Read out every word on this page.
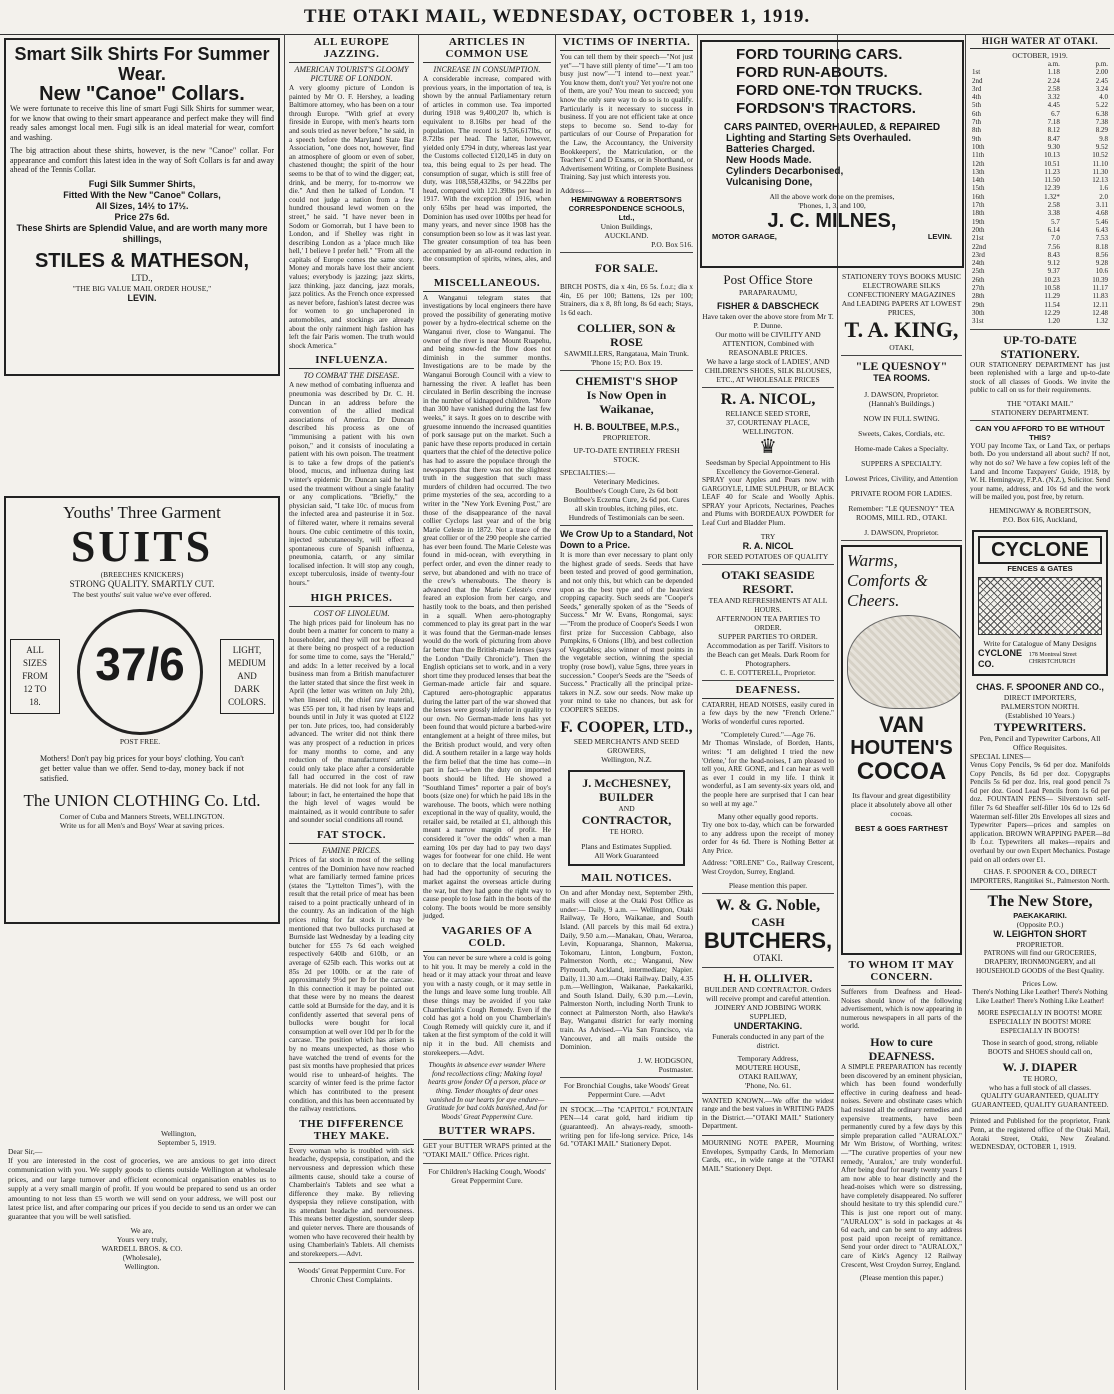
THE OTAKI MAIL, WEDNESDAY, OCTOBER 1, 1919.
Smart Silk Shirts For Summer Wear.
New "Canoe" Collars.

We were fortunate to receive this line of smart Fugi Silk Shirts for summer wear, for we know that owing to their smart appearance and perfect make they will find ready sales amongst local men. Fugi silk is an ideal material for wear, comfort and washing.

The big attraction about these shirts, however, is the new "Canoe" collar. For appearance and comfort this latest idea in the way of Soft Collars is far and away ahead of the Tennis Collar.

Fugi Silk Summer Shirts,
Fitted With the New "Canoe" Collars,
All Sizes, 14½ to 17½.
Price 27s 6d.
These Shirts are Splendid Value, and are worth many more shillings,
STILES & MATHESON,
LTD.,
"THE BIG VALUE MAIL ORDER HOUSE,"
LEVIN.
Youths' Three Garment
SUITS
(BREECHES KNICKERS)
STRONG QUALITY. SMARTLY CUT.
The best youths' suit value we've ever offered.
ALL
SIZES
FROM
12 TO
18.
37/6
POST FREE.
LIGHT,
MEDIUM
AND
DARK
COLORS.

Mothers! Don't pay big prices for your boys' clothing. You can't get better value than we offer. Send to-day, money back if not satisfied.

The UNION CLOTHING Co. Ltd.
Corner of Cuba and Manners Streets, WELLINGTON.
Write us for all Men's and Boys' Wear at saving prices.
Wellington,
September 5, 1919.
Dear Sir,—

If you are interested in the cost of groceries, we are anxious to get into direct communication with you. We supply goods to clients outside Wellington at wholesale prices, and our large turnover and efficient economical organisation enables us to supply at a very small margin of profit. If you would be prepared to send us an order amounting to not less than £5 worth we will send on your address, we will post our latest price list, and after comparing our prices if you decide to send us an order we can guarantee that you will be well satisfied.

We are,
Yours very truly,
WARDELL BROS. & CO.
(Wholesale),
Wellington.
ALL EUROPE JAZZING.
AMERICAN TOURIST'S GLOOMY PICTURE OF LONDON.

A very gloomy picture of London is painted by Mr O. F. Hershey, a leading Baltimore attorney, who has been on a tour through Europe. "With grief at every fireside in Europe, with men's hearts torn and souls tried as never before," he said, in a speech before the Maryland State Bar Association, "one does not, however, find an atmosphere of gloom or even of sober, chastened thought; the spirit of the hour seems to be that of to wind the digger; eat, drink, and be merry, for to-morrow we die." And then he talked of London. "I could not judge a nation from a few hundred thousand lewd women on the street," he said. "I have never been in Sodom or Gomorrah, but I have been to London, and if Shelley was right in describing London as a 'place much like hell,' I believe I prefer hell." "From all the capitals of Europe comes the same story. Money and morals have lost their ancient values; everybody is jazzing; jazz skirts, jazz thinking, jazz dancing, jazz morals, jazz politics. As the French once expressed as never before, fashion's latest decree was for women to go unchaperoned in automobiles, and stockings are already about the only rainment high fashion has left the fair Paris women. The truth would shock America."

INFLUENZA.
TO COMBAT THE DISEASE.

A new method of combating influenza and pneumonia was described by Dr. C. H. Duncan in an address before the convention of the allied medical associations of America. Dr Duncan described his process as one of "immunising a patient with his own poison," and it consists of inoculating a patient with his own poison. The treatment is to take a few drops of the patient's blood, mucus, and influenza during last winter's epidemic Dr. Duncan said he had used the treatment without a single fatality or any complications. "Briefly," the physician said, "I take 10c. of mucus from the infected area and pasteurise it in 5oz. of filtered water, where it remains several hours. One cubic centimetre of this toxin, injected subcutaneously, will effect a spontaneous cure of Spanish influenza, pneumonia, catarrh, or any similar localised infection. It will stop any cough, except tuberculosis, inside of twenty-four hours."

HIGH PRICES.
COST OF LINOLEUM.

The high prices paid for linoleum has no doubt been a matter for concern to many a householder, and they will not be pleased at there being no prospect of a reduction for some time to come, says the "Herald," and adds: In a letter received by a local business man from a British manufacturer the latter stated that since the first week in April (the letter was written on July 2th), when linseed oil, the chief raw material, was £55 per ton, it had risen by leaps and bounds until in July it was quoted at £122 per ton. Jute prices, too, had considerably advanced. The writer did not think there was any prospect of a reduction in prices for many months to come, and any reduction of the manufacturers' article could only take place after a considerable fall had occurred in the cost of raw materials. He did not look for any fall in labour; in fact, he entertained the hope that the high level of wages would be maintained, as it would contribute to safer and sounder social conditions all round.

FAT STOCK.
FAMINE PRICES.

Prices of fat stock in most of the selling centres of the Dominion have now reached what are familiarly termed famine prices (states the "Lyttelton Times"), with the result that the retail price of meat has been raised to a point practically unheard of in the country. As an indication of the high prices ruling for fat stock it may be mentioned that two bullocks purchased at Burnside last Wednesday by a leading city butcher for £55 7s 6d each weighed respectively 640lb and 610lb, or an average of 625lb each. This works out at 85s 2d per 100lb. or at the rate of approximately 9½d per lb for the carcase. In this connection it may be pointed out that these were by no means the dearest cattle sold at Burnside for the day, and it is confidently asserted that several pens of bullocks were bought for local consumption at well over 10d per lb for the carcase. The position which has arisen is by no means unexpected, as those who have watched the trend of events for the past six months have prophesied that prices would rise to unheard-of heights. The scarcity of winter feed is the prime factor which has contributed to the present condition, and this has been accentuated by the railway restrictions.

THE DIFFERENCE THEY MAKE.

Every woman who is troubled with sick headache, dyspepsia, constipation, and the nervousness and depression which these ailments cause, should take a course of Chamberlain's Tablets and see what a difference they make. By relieving dyspepsia they relieve constipation, with its attendant headache and nervousness. This means better digestion, sounder sleep and quieter nerves. There are thousands of women who have recovered their health by using Chamberlain's Tablets. All chemists and storekeepers.—Advt.

Woods' Great Peppermint Cure. For Chronic Chest Complaints.
ARTICLES IN COMMON USE
INCREASE IN CONSUMPTION.

A considerable increase, compared with previous years, in the importation of tea, is shown by the annual Parliamentary return of articles in common use. Tea imported during 1918 was 9,400,207 lb, which is equivalent to 8.16lbs per head of the population. The record is 9,536,617lbs, or 8.72lbs per head. The latter, however, yielded only £794 in duty, whereas last year the Customs collected £120,145 in duty on tea, this being equal to 2s per head. The consumption of sugar, which is still free of duty, was 108,558,432lbs, or 94.22lbs per head, compared with 121.39lbs per head in 1917. With the exception of 1916, when only 65lbs per head was imported, the Dominion has used over 100lbs per head for many years, and never since 1908 has the consumption been so low as it was last year. The greater consumption of tea has been accompanied by an all-round reduction in the consumption of spirits, wines, ales, and beers.

MISCELLANEOUS.

A Wanganui telegram states that investigations by local engineers there have proved the possibility of generating motive power by a hydro-electrical scheme on the Wanganui river, close to Wanganui. The owner of the river is near Mount Ruapehu, and being snow-fed the flow does not diminish in the summer months. Investigations are to be made by the Wanganui Borough Council with a view to harnessing the river. A leaflet has been circulated in Berlin describing the increase in the number of kidnapped children. "More than 300 have vanished during the last few weeks," it says. It goes on to describe with gruesome innuendo the increased quantities of pork sausage put on the market. Such a panic have these reports produced in certain quarters that the chief of the detective police has had to assure the populace through the newspapers that there was not the slightest truth in the suggestion that such mass murders of children had occurred. The two prime mysteries of the sea, according to a writer in the "New York Evening Post," are those of the disappearance of the naval collier Cyclops last year and of the brig Marie Celeste in 1872. Not a trace of the great collier or of the 290 people she carried has ever been found. The Marie Celeste was found in mid-ocean, with everything in perfect order, and even the dinner ready to serve, but abandoned and with no trace of the crew's whereabouts. The theory is advanced that the Marie Celeste's crew feared an explosion from her cargo, and hastily took to the boats, and then perished in a squall. When aero-photography commenced to play its great part in the war it was found that the German-made lenses would do the work of picturing from above far better than the British-made lenses (says the London "Daily Chronicle"). Then the English opticians set to work, and in a very short time they produced lenses that beat the German-made article fair and square. Captured aero-photographic apparatus during the latter part of the war showed that the lenses were grossly inferior in quality to our own. No German-made lens has yet been found that would picture a barbed-wire entanglement at a height of three miles, but the British product would, and very often did. A southern retailer in a large way holds the firm belief that the time has come—in part in fact—when the duty on imported boots should be lifted. He showed a "Southland Times" reporter a pair of boy's boots (size one) for which he paid 18s in the warehouse. The boots, which were nothing exceptional in the way of quality, would, the retailer said, be retailed at £1, although this meant a narrow margin of profit. He considered it "over the odds" when a man earning 10s per day had to pay two days' wages for footwear for one child. He went on to declare that the local manufacturers had had the opportunity of securing the market against the overseas article during the war, but they had gone the right way to cause people to lose faith in the boots of the colony. The boots would be more sensibly judged.

VAGARIES OF A COLD.

You can never be sure where a cold is going to hit you. It may be merely a cold in the head or it may attack your throat and leave you with a nasty cough, or it may settle in the lungs and leave some lung trouble. All these things may be avoided if you take Chamberlain's Cough Remedy. Even if the cold has got a hold on you Chamberlain's Cough Remedy will quickly cure it, and if taken at the first symptom of the cold it will nip it in the bud. All chemists and storekeepers.—Advt.

Thoughts in absence ever wander Where fond recollections cling; Making loyal hearts grow fonder Of a person, place or thing. Tender thoughts of dear ones vanished In our hearts for aye endure— Gratitude for bad colds banished, And for Woods' Great Peppermint Cure.

BUTTER WRAPS.

GET your BUTTER WRAPS printed at the "OTAKI MAIL" Office. Prices right.

For Children's Hacking Cough, Woods' Great Peppermint Cure.
VICTIMS OF INERTIA.

You can tell them by their speech—"Not just yet"—"I have still plenty of time"—"I am too busy just now"—"I intend to—next year." You know them, don't you? Yet you're not one of them, are you? You mean to succeed; you know the only sure way to do so is to qualify. Particularly is it necessary to success in business. If you are not efficient take at once steps to become so. Send to-day for particulars of our Course of Preparation for the Law, the Accountancy, the University Bookkeepers', the Matriculation, or the Teachers' C and D Exams, or in Shorthand, or Advertisement Writing, or Complete Business Training. Say just which interests you.

Address—
HEMINGWAY & ROBERTSON'S CORRESPONDENCE SCHOOLS, Ltd.,
Union Buildings,
AUCKLAND.
P.O. Box 516.
FOR SALE.

BIRCH POSTS, dia x 4in, £6 5s. f.o.r.; dia x 4in, £6 per 100; Battens, 12s per 100; Strainers, dia x 8, 8ft long, 8s 6d each; Stays, 1s 6d each.

COLLIER, SON & ROSE
SAWMILLERS, Rangataua, Main Trunk.
'Phone 15; P.O. Box 19.
CHEMIST'S SHOP
Is Now Open in Waikanae,
H. B. BOULTBEE, M.P.S.,
PROPRIETOR.
UP-TO-DATE ENTIRELY FRESH STOCK.
SPECIALTIES:—
Veterinary Medicines.
Boultbee's Cough Cure, 2s 6d bott
Boultbee's Eczema Cure, 2s 6d pot. Cures all skin troubles, itching piles, etc.
Hundreds of Testimonials can be seen.
We Crow Up to a Standard, Not Down to a Price.

It is more than ever necessary to plant only the highest grade of seeds. Seeds that have been tested and proved of good germination, and not only this, but which can be depended upon as the best type and of the heaviest cropping capacity. Such seeds are "Cooper's Seeds," generally spoken of as the "Seeds of Success." Mr W. Evans, Rongomai, says:—"From the produce of Cooper's Seeds I won first prize for Succession Cabbage, also Pumpkins, 6 Onions (1lb), and best collection of Vegetables; also winner of most points in the vegetable section, winning the special trophy (rose bowl), value 5gns, three years in succession." Cooper's Seeds are the "Seeds of Success." Practically all the principal prize-takers in N.Z. sow our seeds. Now make up your mind to take no chances, but ask for COOPER'S SEEDS.

F. COOPER, LTD.,
SEED MERCHANTS AND SEED GROWERS,
Wellington, N.Z.
J. McCHESNEY,
BUILDER
AND
CONTRACTOR,
TE HORO.
Plans and Estimates Supplied.
All Work Guaranteed
MAIL NOTICES.

On and after Monday next, September 29th, mails will close at the Otaki Post Office as under:— Daily, 9 a.m. — Wellington, Otaki Railway, Te Horo, Waikanae, and South Island. (All parcels by this mail 6d extra.) Daily, 9.50 a.m.—Manakau, Ohau, Weraroa, Levin, Kopuaranga, Shannon, Makerua, Tokomaru, Linton, Longburn, Foxton, Palmerston North, etc.; Wanganui, New Plymouth, Auckland, intermediate; Napier. Daily, 11.30 a.m.—Otaki Railway. Daily, 4.35 p.m.—Wellington, Waikanae, Paekakariki, and South Island. Daily, 6.30 p.m.—Levin, Palmerston North, including North Trunk to connect at Palmerston North, also Hawke's Bay, Wanganui district for early morning train. As Advised.—Via San Francisco, via Vancouver, and all mails outside the Dominion.

J. W. HODGSON,
Postmaster.
For Bronchial Coughs, take Woods' Great Peppermint Cure. —Advt

IN STOCK.—The "CAPITOL" FOUNTAIN PEN—14 carat gold, hard iridium tip (guaranteed). An always-ready, smooth-writing pen for life-long service. Price, 14s 6d. "OTAKI MAIL" Stationery Depot.

FORD TOURING CARS.
FORD RUN-ABOUTS.
FORD ONE-TON TRUCKS.
FORDSON'S TRACTORS.
CARS PAINTED, OVERHAULED, & REPAIRED
Lighting and Starting Sets Overhauled.
Batteries Charged.
New Hoods Made.
Cylinders Decarbonised,
Vulcanising Done,
All the above work done on the premises,
'Phones, 1, 3, and 100,
J. C. MILNES,
MOTOR GARAGE,	LEVIN.
Post Office Store
PARAPARAUMU,
FISHER & DABSCHECK
Have taken over the above store from Mr T. P. Dunne.
Our motto will be CIVILITY AND ATTENTION, Combined with REASONABLE PRICES.
We have a large stock of LADIES', AND CHILDREN'S SHOES, SILK BLOUSES, ETC., AT WHOLESALE PRICES
R. A. NICOL,
RELIANCE SEED STORE,
37, COURTENAY PLACE,
WELLINGTON.
♛
Seedsman by Special Appointment to His Excellency the Governor-General.

SPRAY your Apples and Pears now with GARGOYLE, LIME SULPHUR, or BLACK LEAF 40 for Scale and Woolly Aphis. SPRAY your Apricots, Nectarines, Peaches and Plums with BORDEAUX POWDER for Leaf Curl and Bladder Plum.

TRY
R. A. NICOL
FOR SEED POTATOES OF QUALITY
OTAKI SEASIDE RESORT.
TEA AND REFRESHMENTS AT ALL HOURS.
AFTERNOON TEA PARTIES TO ORDER.
SUPPER PARTIES TO ORDER.
Accommodation as per Tariff. Visitors to the Beach can get Meals. Dark Room for Photographers.
C. E. COTTERELL, Proprietor.
DEAFNESS.

CATARRH, HEAD NOISES, easily cured in a few days by the new "French Orlene." Works of wonderful cures reported.

"Completely Cured."—Age 76.

Mr Thomas Winslade, of Borden, Hants, writes: "I am delighted I tried the new 'Orlene,' for the head-noises, I am pleased to tell you, ARE GONE, and I can hear as well as ever I could in my life. I think it wonderful, as I am seventy-six years old, and the people here are surprised that I can hear so well at my age."

Many other equally good reports.

Try one box to-day, which can be forwarded to any address upon the receipt of money order for 4s 6d. There is Nothing Better at Any Price.

Address: "ORLENE" Co., Railway Crescent, West Croydon, Surrey, England.

Please mention this paper.
W. & G. Noble,
CASH
BUTCHERS,
OTAKI.
H. H. OLLIVER.
BUILDER AND CONTRACTOR. Orders will receive prompt and careful attention.
JOINERY AND JOBBING WORK SUPPLIED,
UNDERTAKING.
Funerals conducted in any part of the district.
Temporary Address,
MOUTERE HOUSE,
OTAKI RAILWAY,
'Phone, No. 61.

WANTED KNOWN.—We offer the widest range and the best values in WRITING PADS in the District.—"OTAKI MAIL" Stationery Department.

MOURNING NOTE PAPER, Mourning Envelopes, Sympathy Cards, In Memoriam Cards, etc., in wide range at the "OTAKI MAIL" Stationery Dept.

STATIONERY TOYS BOOKS MUSIC ELECTROWARE SILKS CONFECTIONERY MAGAZINES And LEADING PAPERS AT LOWEST PRICES,
T. A. KING,
OTAKI,
"LE QUESNOY"
TEA ROOMS.
J. DAWSON, Proprietor.
(Hannah's Buildings.)
NOW IN FULL SWING.
Sweets, Cakes, Cordials, etc.
Home-made Cakes a Specialty.
SUPPERS A SPECIALTY.
Lowest Prices, Civility, and Attention
PRIVATE ROOM FOR LADIES.
Remember: "LE QUESNOY" TEA ROOMS, MILL RD., OTAKI.
J. DAWSON, Proprietor.
Warms,
Comforts &
Cheers.
VAN
HOUTEN'S
COCOA
Its flavour and great digestibility place it absolutely above all other cocoas.
BEST & GOES FARTHEST
TO WHOM IT MAY CONCERN.

Sufferers from Deafness and Head-Noises should know of the following advertisement, which is now appearing in numerous newspapers in all parts of the world.

How to cure DEAFNESS.

A SIMPLE PREPARATION has recently been discovered by an eminent physician, which has been found wonderfully effective in curing deafness and head-noises. Severe and obstinate cases which had resisted all the ordinary remedies and expensive treatments, have been permanently cured by a few days by this simple preparation called "AURALOX." Mr Wm Bristow, of Worthing, writes:—"The curative properties of your new remedy, 'Auralox,' are truly wonderful. After being deaf for nearly twenty years I am now able to hear distinctly and the head-noises which were so distressing, have completely disappeared. No sufferer should hesitate to try this splendid cure." This is just one report out of many. "AURALOX" is sold in packages at 4s 6d each, and can be sent to any address post paid upon receipt of remittance. Send your order direct to "AURALOX," care of Kirk's Agency 12 Railway Crescent, West Croydon Surrey, England.

(Please mention this paper.)
HIGH WATER AT OTAKI.
OCTOBER, 1919.
	a.m.	p.m.
1st	1.18	2.00
2nd	2.24	2.45
3rd	2.58	3.24
4th	3.32	4.0
5th	4.45	5.22
6th	6.7	6.38
7th	7.18	7.38
8th	8.12	8.29
9th	8.47	9.8
10th	9.30	9.52
11th	10.13	10.52
12th	10.51	11.10
13th	11.23	11.30
14th	11.50	12.13
15th	12.39	1.6
16th	1.32*	2.0
17th	2.58	3.11
18th	3.38	4.68
19th	5.7	5.46
20th	6.14	6.43
21st	7.0	7.53
22nd	7.56	8.18
23rd	8.43	8.56
24th	9.12	9.28
25th	9.37	10.6
26th	10.23	10.39
27th	10.58	11.17
28th	11.29	11.83
29th	11.54	12.11
30th	12.29	12.48
31st	1.20	1.32
UP-TO-DATE STATIONERY.

OUR STATIONERY DEPARTMENT has just been replenished with a large and up-to-date stock of all classes of Goods. We invite the public to call on us for their requirements.

THE "OTAKI MAIL"
STATIONERY DEPARTMENT.
CAN YOU AFFORD TO BE WITHOUT THIS?

YOU pay Income Tax, or Land Tax, or perhaps both. Do you understand all about such? If not, why not do so? We have a few copies left of the Land and Income Taxpayers' Guide, 1918, by W. H. Hemingway, F.P.A. (N.Z.), Solicitor. Send your name, address, and 10s 6d and the work will be mailed you, post free, by return.

HEMINGWAY & ROBERTSON,
P.O. Box 616, Auckland,
CYCLONE
FENCES & GATES
Write for Catalogue of Many Designs
CYCLONE CO.
178 Montreal Street CHRISTCHURCH
CHAS. F. SPOONER AND CO.,
DIRECT IMPORTERS,
PALMERSTON NORTH.
(Established 10 Years.)
TYPEWRITERS.
Pen, Pencil and Typewriter Carbons, All Office Requisites.
SPECIAL LINES—

Venus Copy Pencils, 9s 6d per doz. Manifolds Copy Pencils, 8s 6d per doz. Copygraphs Pencils 5s 6d per doz. Iris, real good pencil 7s 6d per doz. Good Lead Pencils from 1s 6d per doz. FOUNTAIN PENS— Silverstown self-filler 7s 6d Sheaffer self-filler 10s 6d to 12s 6d Waterman self-filler 20s Envelopes all sizes and Typewriter Papers—prices and samples on application. BROWN WRAPPING PAPER—8d lb f.o.r. Typewriters all makes—repairs and overhaul by our own Expert Mechanics. Postage paid on all orders over £1.

CHAS. F. SPOONER & CO., DIRECT IMPORTERS, Rangitikei St., Palmerston North.

The New Store,
PAEKAKARIKI.
(Opposite P.O.)
W. LEIGHTON SHORT
PROPRIETOR.

PATRONS will find our GROCERIES, DRAPERY, IRONMONGERY, and all HOUSEHOLD GOODS of the Best Quality.

Prices Low.

There's Nothing Like Leather! There's Nothing Like Leather! There's Nothing Like Leather!

MORE ESPECIALLY IN BOOTS! MORE ESPECIALLY IN BOOTS! MORE ESPECIALLY IN BOOTS!

Those in search of good, strong, reliable BOOTS and SHOES should call on,

W. J. DIAPER
TE HORO,
who has a full stock of all classes.

QUALITY GUARANTEED, QUALITY GUARANTEED, QUALITY GUARANTEED.

Printed and Published for the proprietor, Frank Penn, at the registered office of the Otaki Mail, Aotaki Street, Otaki, New Zealand. WEDNESDAY, OCTOBER 1, 1919.
